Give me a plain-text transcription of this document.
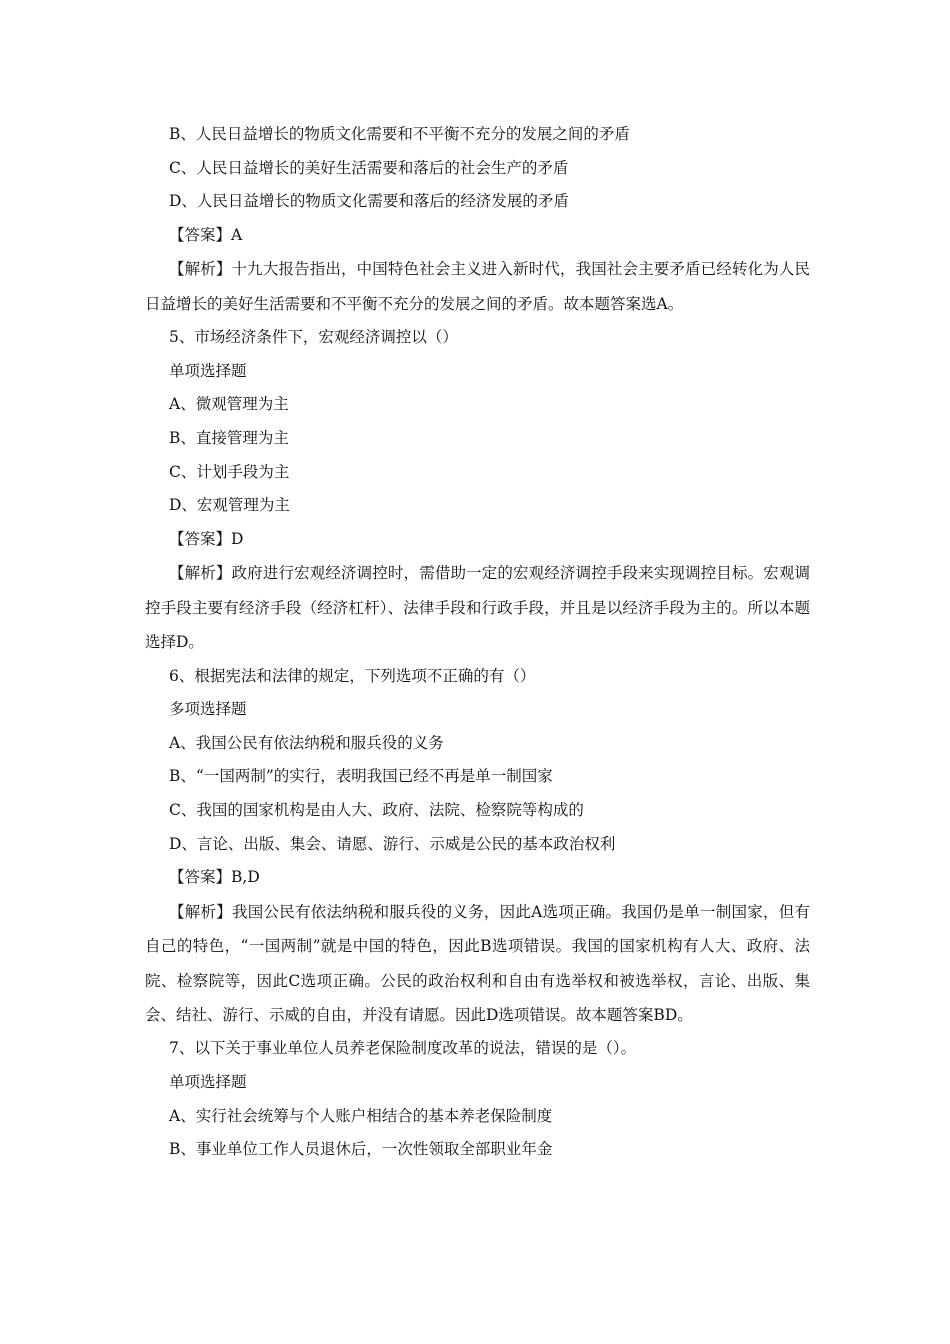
B、人民日益增长的物质文化需要和不平衡不充分的发展之间的矛盾
C、人民日益增长的美好生活需要和落后的社会生产的矛盾
D、人民日益增长的物质文化需要和落后的经济发展的矛盾
【答案】A
【解析】十九大报告指出，中国特色社会主义进入新时代，我国社会主要矛盾已经转化为人民日益增长的美好生活需要和不平衡不充分的发展之间的矛盾。故本题答案选A。
5、市场经济条件下，宏观经济调控以（）
单项选择题
A、微观管理为主
B、直接管理为主
C、计划手段为主
D、宏观管理为主
【答案】D
【解析】政府进行宏观经济调控时，需借助一定的宏观经济调控手段来实现调控目标。宏观调控手段主要有经济手段（经济杠杆）、法律手段和行政手段，并且是以经济手段为主的。所以本题选择D。
6、根据宪法和法律的规定，下列选项不正确的有（）
多项选择题
A、我国公民有依法纳税和服兵役的义务
B、“一国两制”的实行，表明我国已经不再是单一制国家
C、我国的国家机构是由人大、政府、法院、检察院等构成的
D、言论、出版、集会、请愿、游行、示威是公民的基本政治权利
【答案】B,D
【解析】我国公民有依法纳税和服兵役的义务，因此A选项正确。我国仍是单一制国家，但有自己的特色，“一国两制”就是中国的特色，因此B选项错误。我国的国家机构有人大、政府、法院、检察院等，因此C选项正确。公民的政治权利和自由有选举权和被选举权，言论、出版、集会、结社、游行、示威的自由，并没有请愿。因此D选项错误。故本题答案BD。
7、以下关于事业单位人员养老保险制度改革的说法，错误的是（）。
单项选择题
A、实行社会统筹与个人账户相结合的基本养老保险制度
B、事业单位工作人员退休后，一次性领取全部职业年金
